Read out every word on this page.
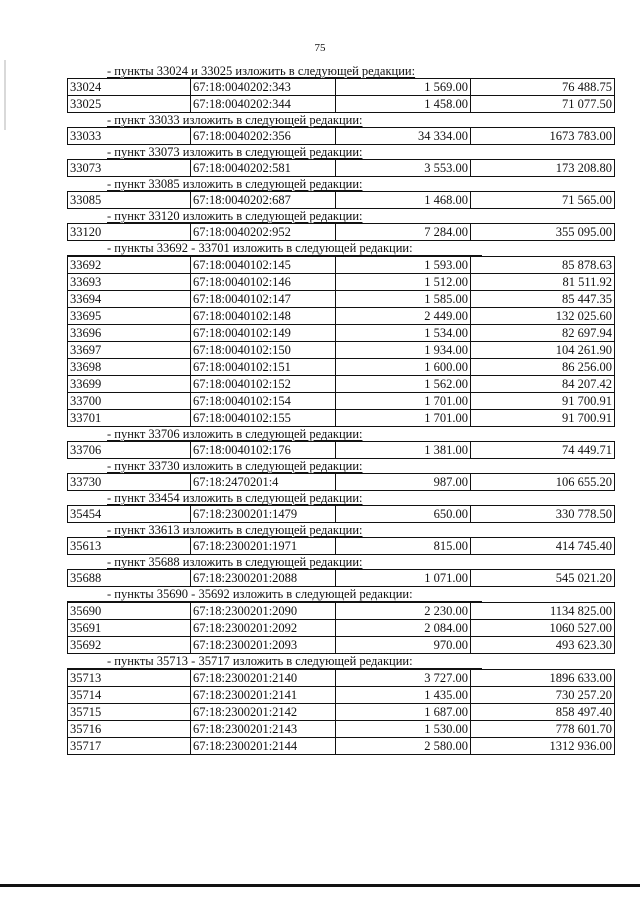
75
- пункты 33024 и 33025 изложить в следующей редакции:
33024	67:18:0040202:343	1 569.00	76 488.75
33025	67:18:0040202:344	1 458.00	71 077.50
- пункт 33033 изложить в следующей редакции:
33033	67:18:0040202:356	34 334.00	1673 783.00
- пункт 33073 изложить в следующей редакции:
33073	67:18:0040202:581	3 553.00	173 208.80
- пункт 33085 изложить в следующей редакции:
33085	67:18:0040202:687	1 468.00	71 565.00
- пункт 33120 изложить в следующей редакции:
33120	67:18:0040202:952	7 284.00	355 095.00
- пункты 33692 - 33701 изложить в следующей редакции:
33692	67:18:0040102:145	1 593.00	85 878.63
33693	67:18:0040102:146	1 512.00	81 511.92
33694	67:18:0040102:147	1 585.00	85 447.35
33695	67:18:0040102:148	2 449.00	132 025.60
33696	67:18:0040102:149	1 534.00	82 697.94
33697	67:18:0040102:150	1 934.00	104 261.90
33698	67:18:0040102:151	1 600.00	86 256.00
33699	67:18:0040102:152	1 562.00	84 207.42
33700	67:18:0040102:154	1 701.00	91 700.91
33701	67:18:0040102:155	1 701.00	91 700.91
- пункт 33706 изложить в следующей редакции:
33706	67:18:0040102:176	1 381.00	74 449.71
- пункт 33730 изложить в следующей редакции:
33730	67:18:2470201:4	987.00	106 655.20
- пункт 33454 изложить в следующей редакции:
35454	67:18:2300201:1479	650.00	330 778.50
- пункт 33613 изложить в следующей редакции:
35613	67:18:2300201:1971	815.00	414 745.40
- пункт 35688 изложить в следующей редакции:
35688	67:18:2300201:2088	1 071.00	545 021.20
- пункты 35690 - 35692 изложить в следующей редакции:
35690	67:18:2300201:2090	2 230.00	1134 825.00
35691	67:18:2300201:2092	2 084.00	1060 527.00
35692	67:18:2300201:2093	970.00	493 623.30
- пункты 35713 - 35717 изложить в следующей редакции:
35713	67:18:2300201:2140	3 727.00	1896 633.00
35714	67:18:2300201:2141	1 435.00	730 257.20
35715	67:18:2300201:2142	1 687.00	858 497.40
35716	67:18:2300201:2143	1 530.00	778 601.70
35717	67:18:2300201:2144	2 580.00	1312 936.00
